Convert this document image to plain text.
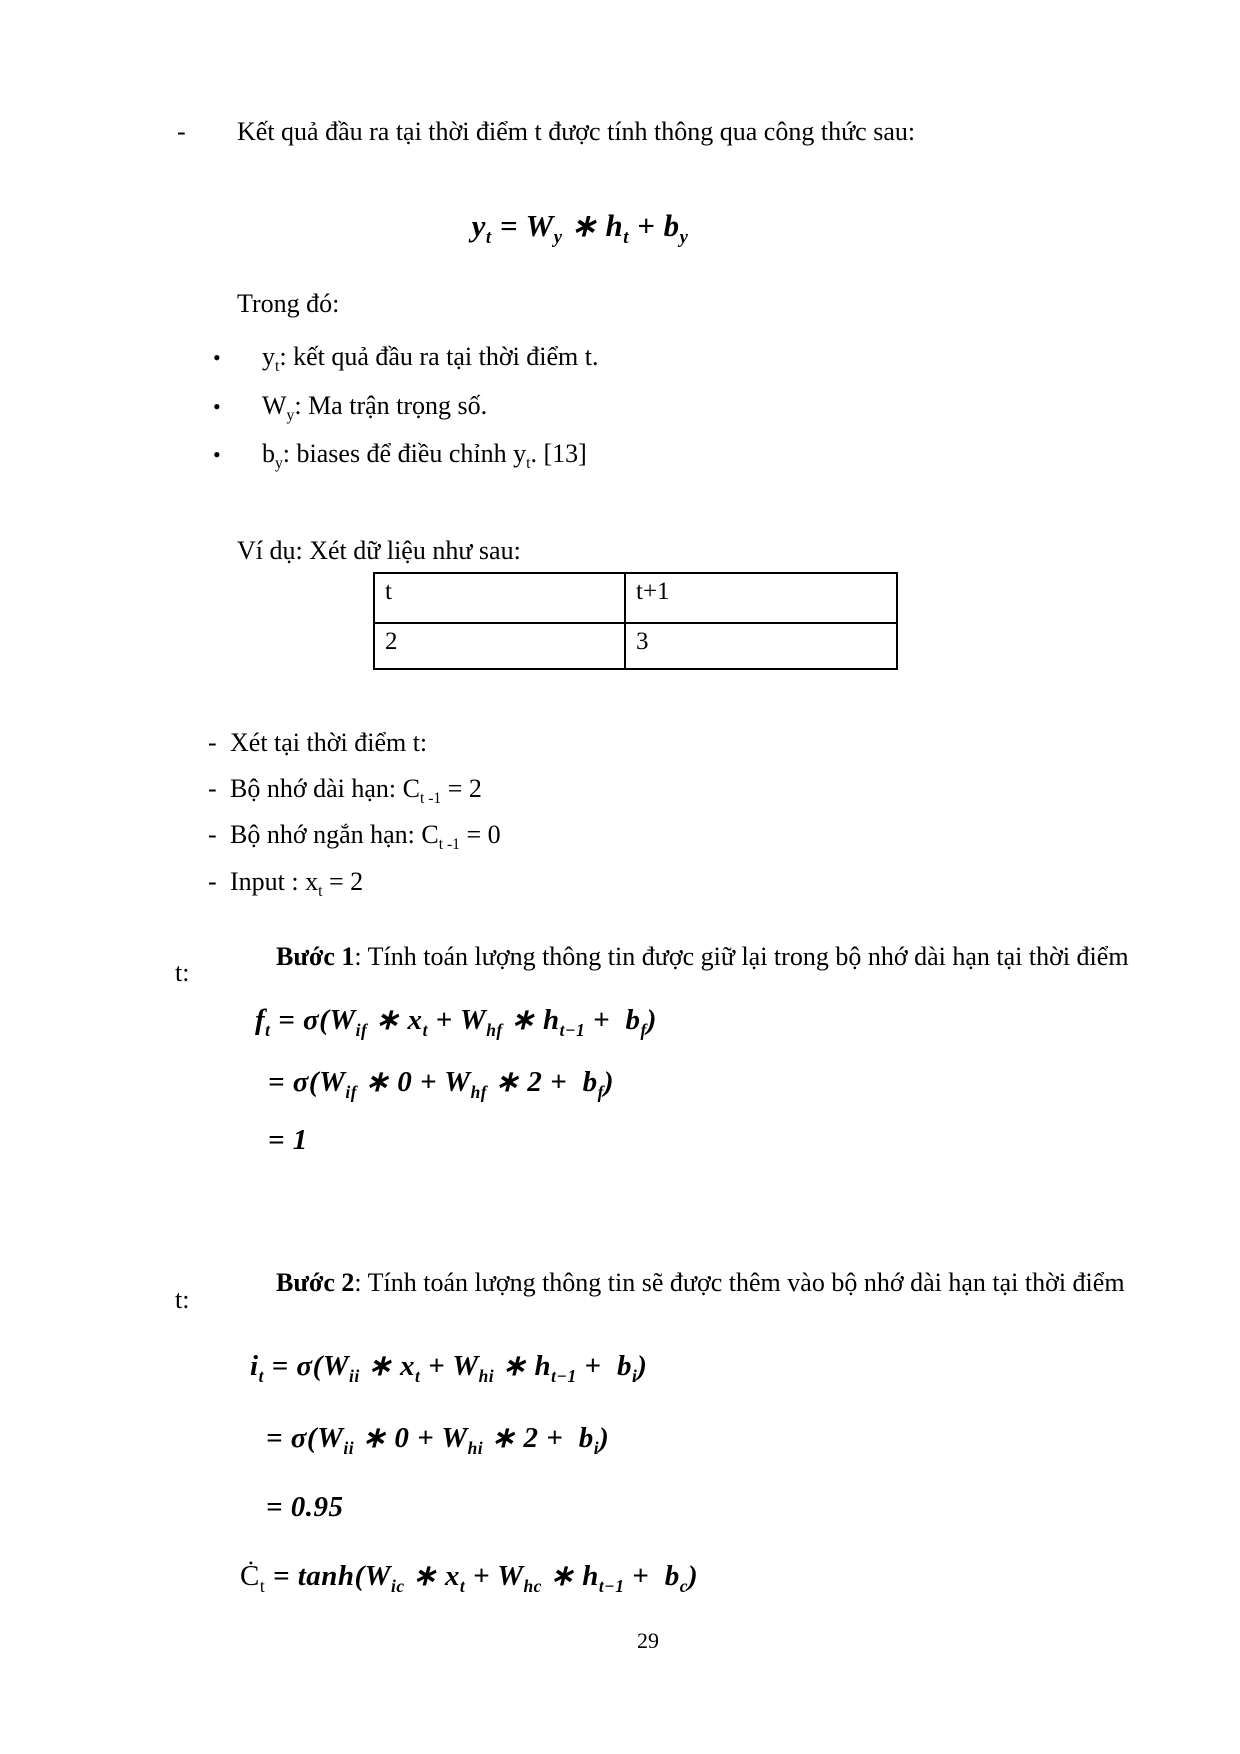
-	Kết quả đầu ra tại thời điểm t được tính thông qua công thức sau:
$y_t = W_y$ ∗ $h_t + b_y$
Trong đó:
•	$y_t$: kết quả đầu ra tại thời điểm t.
•	$W_y$: Ma trận trọng số.
•	$b_y$: biases để điều chỉnh $y_t$. [13]
Ví dụ: Xét dữ liệu như sau:
t	t+1
2	3
- Xét tại thời điểm t:
- Bộ nhớ dài hạn: $C_{t -1} = 2$
- Bộ nhớ ngắn hạn: $C_{t -1} = 0$
- Input : $x_t = 2$

Bước 1: Tính toán lượng thông tin được giữ lại trong bộ nhớ dài hạn tại thời điểm

t:
$f_t = \sigma(W_{if}$ ∗ $x_t + W_{hf}$ ∗ $h_{t-1} + b_f$)
= $\sigma(W_{if}$ ∗ $0 + W_{hf}$ ∗ $2 + b_f$)
= 1

Bước 2: Tính toán lượng thông tin sẽ được thêm vào bộ nhớ dài hạn tại thời điểm

t:
$i_t = \sigma(W_{ii}$ ∗ $x_t + W_{hi}$ ∗ $h_{t-1} + b_i$)
= $\sigma(W_{ii}$ ∗ $0 + W_{hi}$ ∗ $2 + b_i$)
= 0.95
$Ċ_t = \tanh(W_{ic}$ ∗ $x_t + W_{hc}$ ∗ $h_{t-1} + b_c$)
29
